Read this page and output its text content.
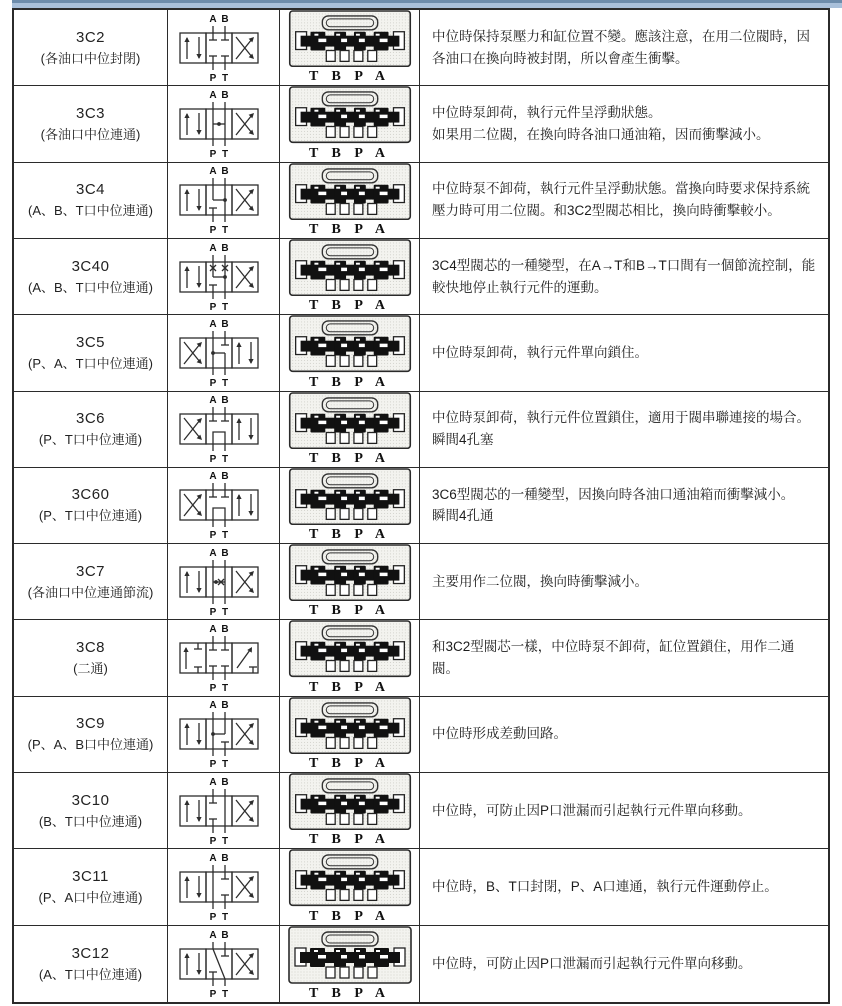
3C2
(各油口中位封閉)
A B
P T	T B P A
中位時保持泵壓力和缸位置不變。應該注意，在用二位閥時，因各油口在換向時被封閉，所以會產生衝擊。
3C3
(各油口中位連通)
A B
P T	T B P A
中位時泵卸荷，執行元件呈浮動狀態。
如果用二位閥，在換向時各油口通油箱，因而衝擊減小。
3C4
(A、B、T口中位連通)
A B
P T	T B P A
中位時泵不卸荷，執行元件呈浮動狀態。當換向時要求保持系統壓力時可用二位閥。和3C2型閥芯相比，換向時衝擊較小。
3C40
(A、B、T口中位連通)
A B
P T	T B P A
3C4型閥芯的一種變型，在A→T和B→T口間有一個節流控制，能較快地停止執行元件的運動。
3C5
(P、A、T口中位連通)
A B
P T	T B P A
中位時泵卸荷，執行元件單向鎖住。
3C6
(P、T口中位連通)
A B
P T	T B P A
中位時泵卸荷，執行元件位置鎖住，適用于閥串聯連接的場合。
瞬間4孔塞
3C60
(P、T口中位連通)
A B
P T	T B P A
3C6型閥芯的一種變型，因換向時各油口通油箱而衝擊減小。
瞬間4孔通
3C7
(各油口中位連通節流)
A B
P T	T B P A
主要用作二位閥，換向時衝擊減小。
3C8
(二通)
A B
P T	T B P A
和3C2型閥芯一樣，中位時泵不卸荷，缸位置鎖住，用作二通閥。
3C9
(P、A、B口中位連通)
A B
P T	T B P A
中位時形成差動回路。
3C10
(B、T口中位連通)
A B
P T	T B P A
中位時，可防止因P口泄漏而引起執行元件單向移動。
3C11
(P、A口中位連通)
A B
P T	T B P A
中位時，B、T口封閉，P、A口連通，執行元件運動停止。
3C12
(A、T口中位連通)
A B
P T	T B P A
中位時，可防止因P口泄漏而引起執行元件單向移動。
